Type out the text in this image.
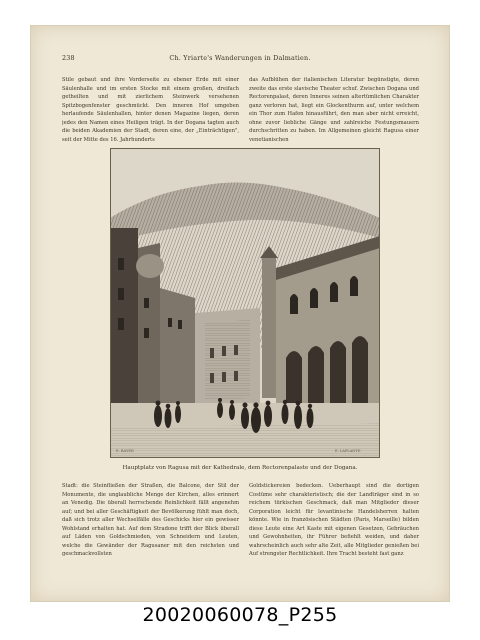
238	Ch. Yriarte's Wanderungen in Dalmatien.
Stile gebaut und ihre Vorderseite zu ebener Erde mit einer Säulenhalle und im ersten Stocke mit einem großen, dreifach getheilten und mit zierlichem Steinwerk versehenen Spitzbogenfenster geschmückt. Den inneren Hof umgeben herlaufende Säulenhallen, hinter denen Magazine liegen, deren jedes den Namen eines Heiligen trägt. In der Dogana tagten auch die beiden Akademien der Stadt, deren eine, der „Einträchtigen", seit der Mitte des 16. Jahrhunderts
das Aufblühen der italienischen Literatur begünstigte, deren zweite das erste slavische Theater schuf. Zwischen Dogana und Rectorenpalast, deren Inneres seinen altertümlichen Charakter ganz verloren hat, liegt ein Glockenthurm auf, unter welchem ein Thor zum Hafen hinausführt, den man aber nicht erreicht, ohne zuvor liebliche Gänge und zahlreiche Festungsmauern durchschritten zu haben. Im Allgemeinen gleicht Ragusa einer venetianischen
E. BAYER	E. LAPLANTE
Hauptplatz von Ragusa mit der Kathedrale, dem Rectorenpalaste und der Dogana.
Stadt: die Steinfließen der Straßen, die Balcone, der Stil der Monumente, die unglaubliche Menge der Kirchen, alles erinnert an Venedig. Die überall herrschende Reinlichkeit fällt angenehm auf; und bei aller Geschäftigkeit der Bevölkerung fühlt man doch, daß sich trotz aller Wechselfälle des Geschicks hier ein gewisser Wohlstand erhalten hat. Auf dem Stradone trifft der Blick überall auf Läden von Goldschmieden, von Schneidern und Leuten, welche die Gewänder der Ragusaner mit den reichsten und geschmackvollsten
Goldstickereien bedecken. Ueberhaupt sind die dortigen Costüme sehr charakteristisch; die der Landträger sind in so reichem türkischen Geschmack, daß man Mitglieder dieser Corporation leicht für levantinische Handelsherren halten könnte. Wie in französischen Städten (Paris, Marseille) bilden diese Leute eine Art Kaste mit eigenen Gesetzen, Gebräuchen und Gewohnheiten, ihr Führer befiehlt weiden, und daher wahrscheinlich auch sehr alte Zeit, alle Mitglieder genießen bei Auf strengster Rechtlichkeit. Ihre Tracht besteht fast ganz
20020060078_P255
